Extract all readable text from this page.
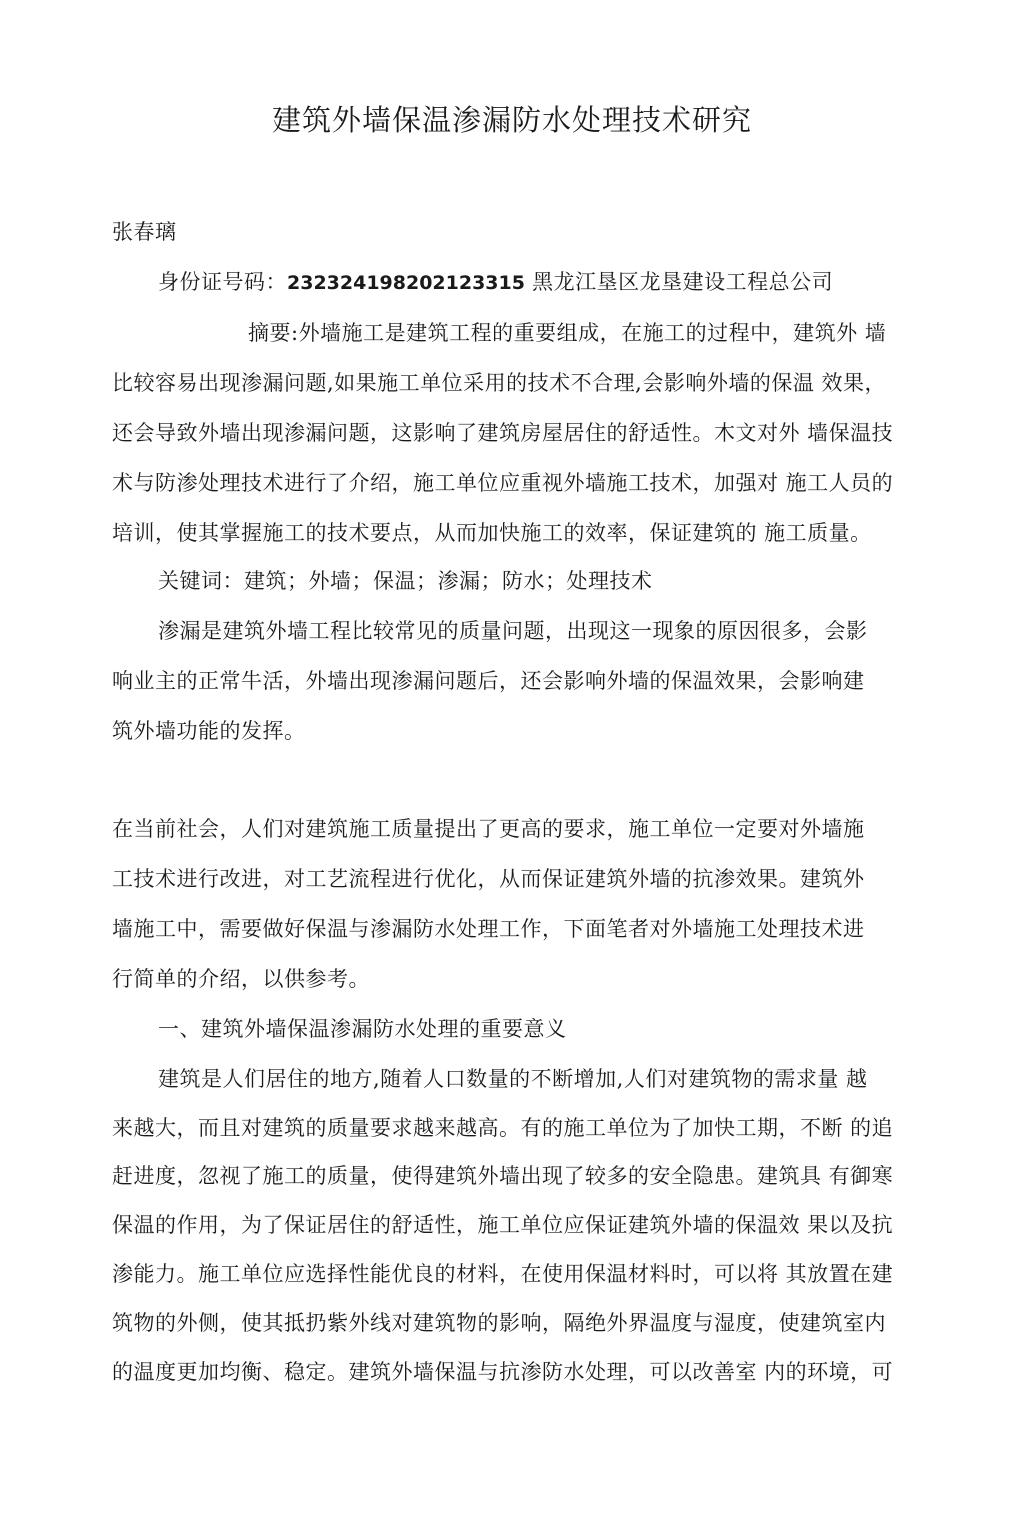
建筑外墙保温渗漏防水处理技术研究
张春璃
身份证号码：232324198202123315 黑龙江垦区龙垦建设工程总公司
摘要:外墙施工是建筑工程的重要组成，在施工的过程中，建筑外 墙
比较容易出现渗漏问题,如果施工单位采用的技术不合理,会影响外墙的保温 效果，
还会导致外墙出现渗漏问题，这影响了建筑房屋居住的舒适性。木文对外 墙保温技
术与防渗处理技术进行了介绍，施工单位应重视外墙施工技术，加强对 施工人员的
培训，使其掌握施工的技术要点，从而加快施工的效率，保证建筑的 施工质量。
关键词：建筑；外墙；保温；渗漏；防水；处理技术
渗漏是建筑外墙工程比较常见的质量问题，出现这一现象的原因很多，会影
响业主的正常牛活，外墙出现渗漏问题后，还会影响外墙的保温效果，会影响建
筑外墙功能的发挥。
在当前社会，人们对建筑施工质量提出了更高的要求，施工单位一定要对外墙施
工技术进行改进，对工艺流程进行优化，从而保证建筑外墙的抗渗效果。建筑外
墙施工中，需要做好保温与渗漏防水处理工作，下面笔者对外墙施工处理技术进
行简单的介绍，以供参考。
一、建筑外墙保温渗漏防水处理的重要意义
建筑是人们居住的地方,随着人口数量的不断增加,人们对建筑物的需求量 越
来越大，而且对建筑的质量要求越来越高。有的施工单位为了加快工期，不断 的追
赶进度，忽视了施工的质量，使得建筑外墙出现了较多的安全隐患。建筑具 有御寒
保温的作用，为了保证居住的舒适性，施工单位应保证建筑外墙的保温效 果以及抗
渗能力。施工单位应选择性能优良的材料，在使用保温材料时，可以将 其放置在建
筑物的外侧，使其抵扔紫外线对建筑物的影响，隔绝外界温度与湿度，使建筑室内
的温度更加均衡、稳定。建筑外墙保温与抗渗防水处理，可以改善室 内的环境，可
